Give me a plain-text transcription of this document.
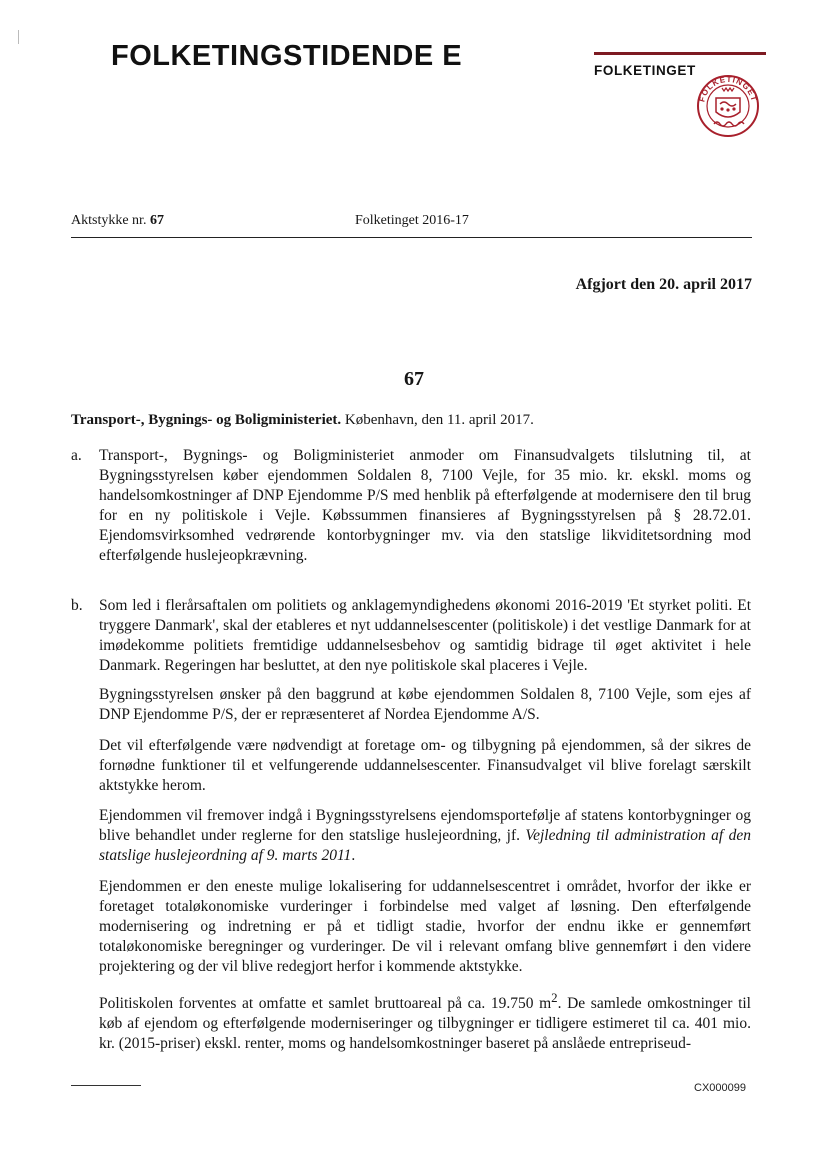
FOLKETINGSTIDENDE E	FOLKETINGET
FOLKETINGET
Aktstykke nr. 67	Folketinget 2016-17
Afgjort den 20. april 2017
67
Transport-, Bygnings- og Boligministeriet. København, den 11. april 2017.
a.	Transport-, Bygnings- og Boligministeriet anmoder om Finansudvalgets tilslutning til, at Bygningsstyrelsen køber ejendommen Soldalen 8, 7100 Vejle, for 35 mio. kr. ekskl. moms og handelsomkostninger af DNP Ejendomme P/S med henblik på efterfølgende at modernisere den til brug for en ny politiskole i Vejle. Købssummen finansieres af Bygningsstyrelsen på § 28.72.01. Ejendomsvirksomhed vedrørende kontorbygninger mv. via den statslige likviditetsordning mod efterfølgende huslejeopkrævning.
b.	Som led i flerårsaftalen om politiets og anklagemyndighedens økonomi 2016-2019 'Et styrket politi. Et tryggere Danmark', skal der etableres et nyt uddannelsescenter (politiskole) i det vestlige Danmark for at imødekomme politiets fremtidige uddannelsesbehov og samtidig bidrage til øget aktivitet i hele Danmark. Regeringen har besluttet, at den nye politiskole skal placeres i Vejle.
Bygningsstyrelsen ønsker på den baggrund at købe ejendommen Soldalen 8, 7100 Vejle, som ejes af DNP Ejendomme P/S, der er repræsenteret af Nordea Ejendomme A/S.
Det vil efterfølgende være nødvendigt at foretage om- og tilbygning på ejendommen, så der sikres de fornødne funktioner til et velfungerende uddannelsescenter. Finansudvalget vil blive forelagt særskilt aktstykke herom.
Ejendommen vil fremover indgå i Bygningsstyrelsens ejendomsportefølje af statens kontorbygninger og blive behandlet under reglerne for den statslige huslejeordning, jf. Vejledning til administration af den statslige huslejeordning af 9. marts 2011.
Ejendommen er den eneste mulige lokalisering for uddannelsescentret i området, hvorfor der ikke er foretaget totaløkonomiske vurderinger i forbindelse med valget af løsning. Den efterfølgende modernisering og indretning er på et tidligt stadie, hvorfor der endnu ikke er gennemført totaløkonomiske beregninger og vurderinger. De vil i relevant omfang blive gennemført i den videre projektering og der vil blive redegjort herfor i kommende aktstykke.
Politiskolen forventes at omfatte et samlet bruttoareal på ca. 19.750 $m^2$. De samlede omkostninger til køb af ejendom og efterfølgende moderniseringer og tilbygninger er tidligere estimeret til ca. 401 mio. kr. (2015-priser) ekskl. renter, moms og handelsomkostninger baseret på anslåede entrepriseud-
CX000099
